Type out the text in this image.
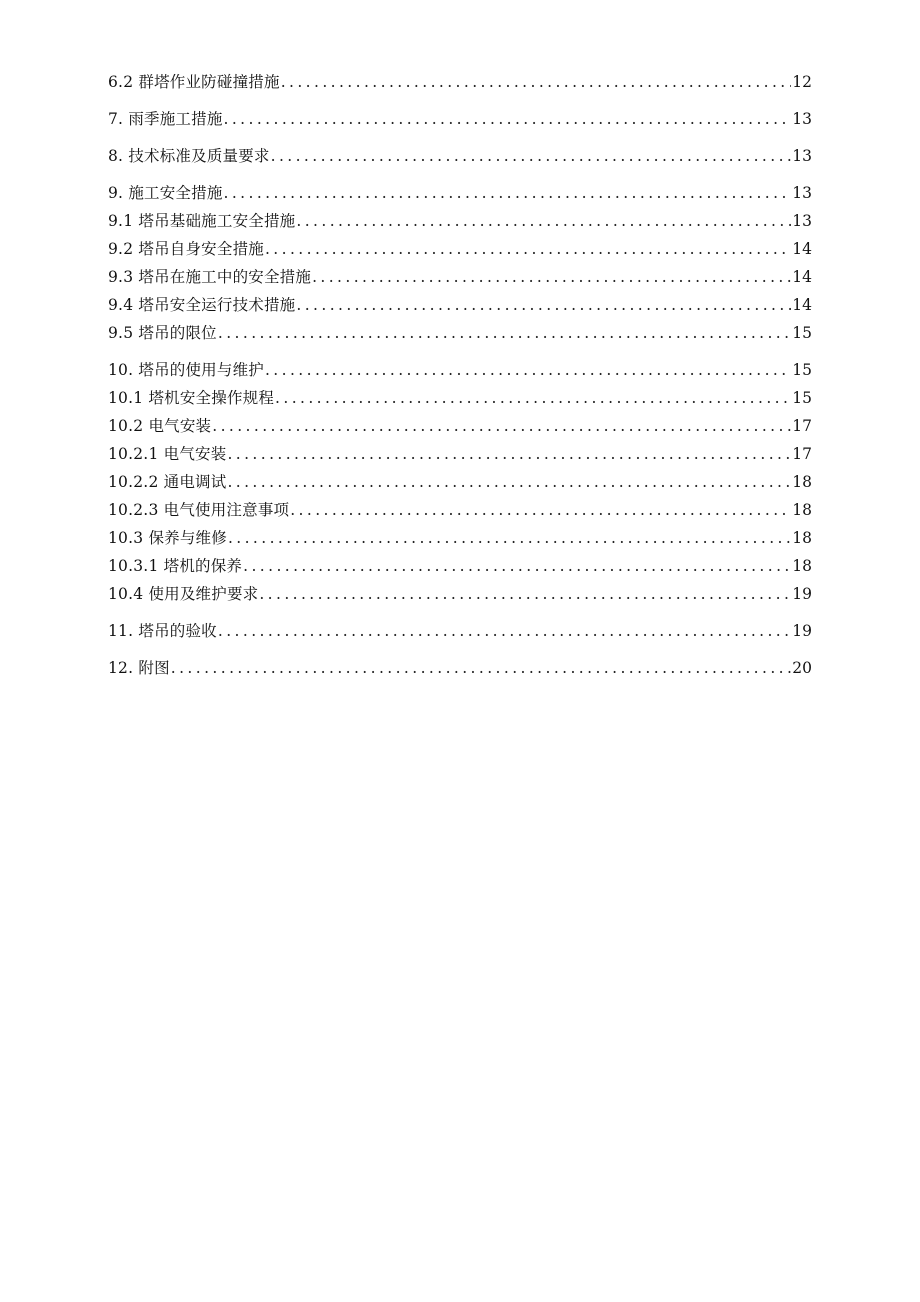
6.2 群塔作业防碰撞措施 .....	12
7. 雨季施工措施 .....	13
8. 技术标准及质量要求 .....	13
9. 施工安全措施 .....	13
9.1 塔吊基础施工安全措施 .....	13
9.2 塔吊自身安全措施 .....	14
9.3 塔吊在施工中的安全措施 .....	14
9.4 塔吊安全运行技术措施 .....	14
9.5 塔吊的限位 .....	15
10. 塔吊的使用与维护 .....	15
10.1 塔机安全操作规程 .....	15
10.2 电气安装 .....	17
10.2.1 电气安装 .....	17
10.2.2 通电调试 .....	18
10.2.3 电气使用注意事项 .....	18
10.3 保养与维修 .....	18
10.3.1 塔机的保养 .....	18
10.4 使用及维护要求 .....	19
11. 塔吊的验收 .....	19
12. 附图 .....	20
